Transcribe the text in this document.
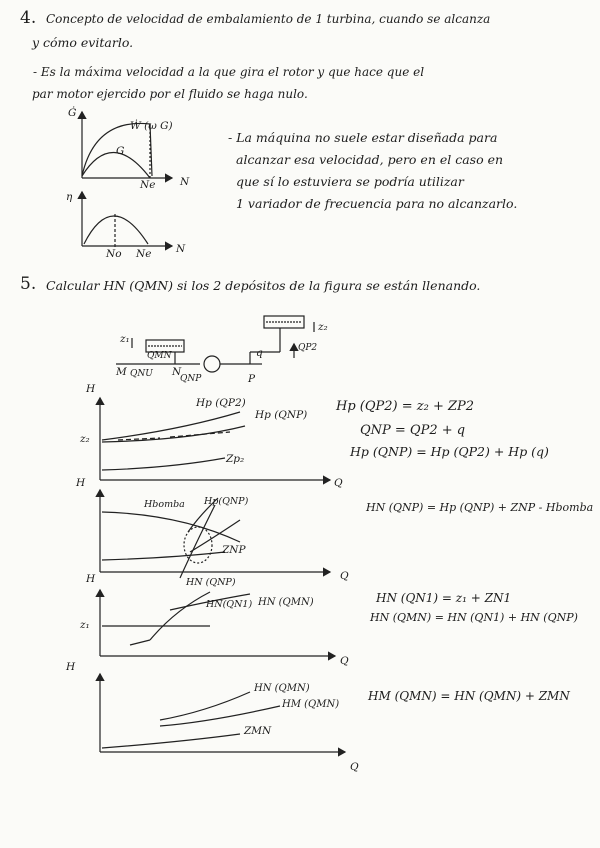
4. Concepto de velocidad de embalamiento de 1 turbina, cuando se alcanza
y cómo evitarlo.
- Es la máxima velocidad a la que gira el rotor y que hace que el
par motor ejercido por el fluido se haga nulo.
Ġ
Ẇ (ω G)
G
Ne N
η
No Ne N
- La máquina no suele estar diseñada para
alcanzar esa velocidad, pero en el caso en
que sí lo estuviera se podría utilizar
1 variador de frecuencia para no alcanzarlo.
5. Calcular HN (QMN) si los 2 depósitos de la figura se están llenando.
z₁
z₂
QMN
M QNU N
QNP
q
P
QP2
H
z₂
Hp (QP2)
Hp (QNP)
Zp₂
Q
H
Hbomba Hp(QNP)
ZNP
HN (QNP)
Q
H
z₁
HN(QN1) HN (QMN)
Q
H
HN (QMN)
HM (QMN)
ZMN
Q
Hp (QP2) = z₂ + ZP2
QNP = QP2 + q
Hp (QNP) = Hp (QP2) + Hp (q)
HN (QNP) = Hp (QNP) + ZNP - Hbomba
HN (QN1) = z₁ + ZN1
HN (QMN) = HN (QN1) + HN (QNP)
HM (QMN) = HN (QMN) + ZMN
